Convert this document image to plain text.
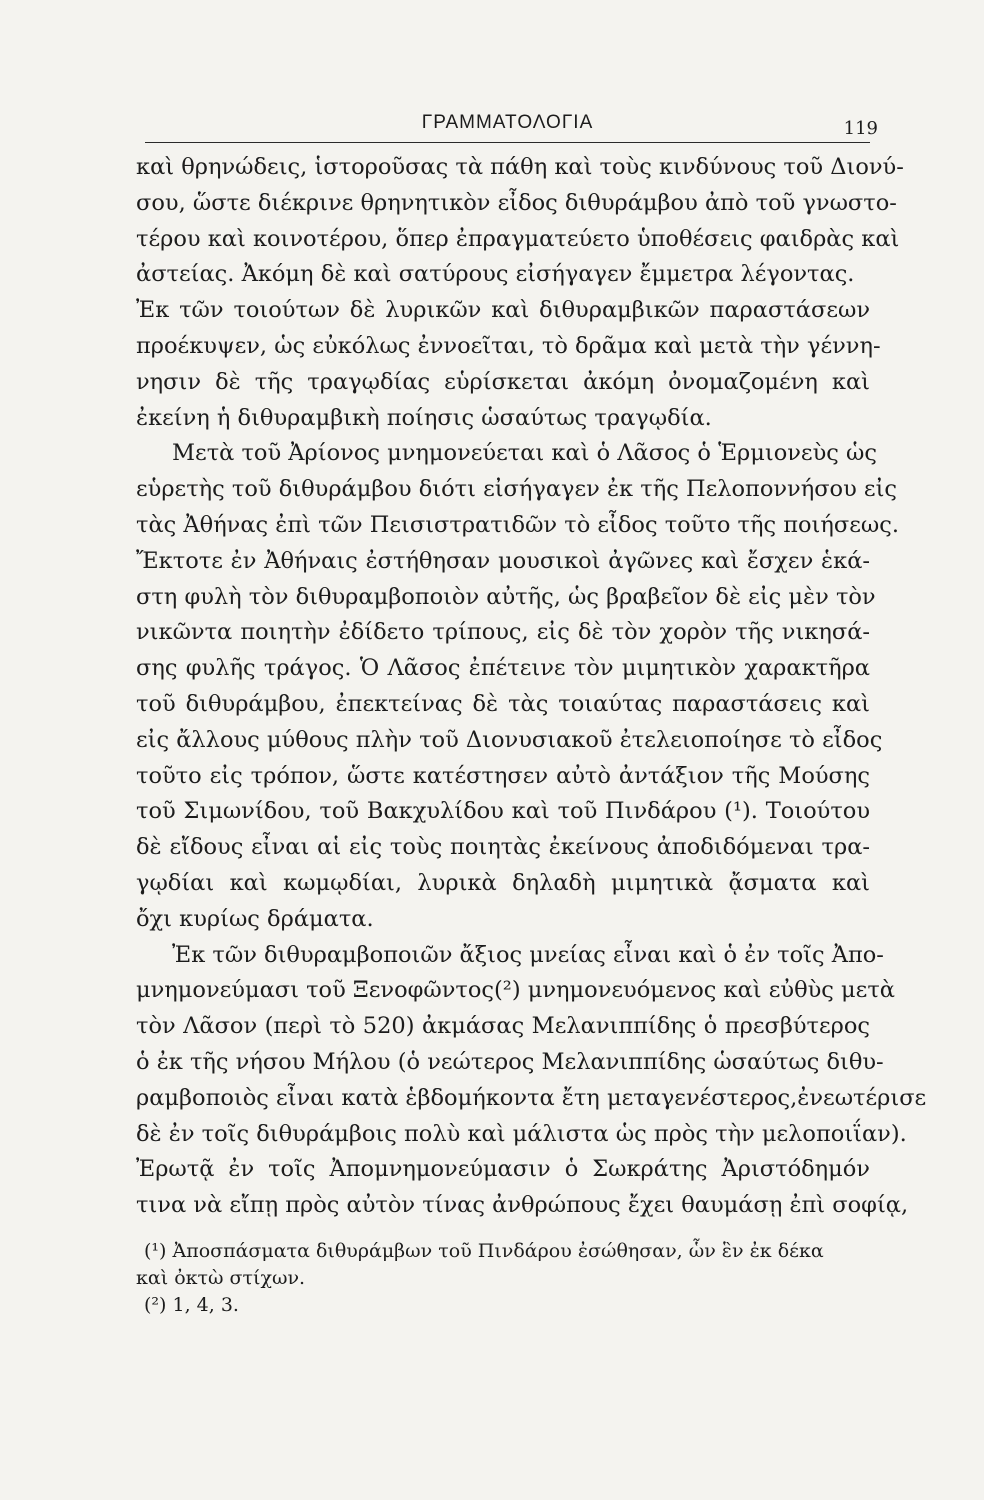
ΓΡΑΜΜΑΤΟΛΟΓΙΑ	119
καὶ θρηνώδεις, ἱστοροῦσας τὰ πάθη καὶ τοὺς κινδύνους τοῦ Διονύ-
σου, ὥστε διέκρινε θρηνητικὸν εἶδος διθυράμβου ἀπὸ τοῦ γνωστο-
τέρου καὶ κοινοτέρου, ὅπερ ἐπραγματεύετο ὑποθέσεις φαιδρὰς καὶ
ἀστείας. Ἀκόμη δὲ καὶ σατύρους εἰσήγαγεν ἔμμετρα λέγοντας.
Ἐκ τῶν τοιούτων δὲ λυρικῶν καὶ διθυραμβικῶν παραστάσεων
προέκυψεν, ὡς εὐκόλως ἐννοεῖται, τὸ δρᾶμα καὶ μετὰ τὴν γέννη-
νησιν δὲ τῆς τραγῳδίας εὑρίσκεται ἀκόμη ὀνομαζομένη καὶ
ἐκείνη ἡ διθυραμβικὴ ποίησις ὡσαύτως τραγῳδία.
Μετὰ τοῦ Ἀρίονος μνημονεύεται καὶ ὁ Λᾶσος ὁ Ἑρμιονεὺς ὡς
εὑρετὴς τοῦ διθυράμβου διότι εἰσήγαγεν ἐκ τῆς Πελοποννήσου εἰς
τὰς Ἀθήνας ἐπὶ τῶν Πεισιστρατιδῶν τὸ εἶδος τοῦτο τῆς ποιήσεως.
Ἔκτοτε ἐν Ἀθήναις ἐστήθησαν μουσικοὶ ἀγῶνες καὶ ἔσχεν ἑκά-
στη φυλὴ τὸν διθυραμβοποιὸν αὐτῆς, ὡς βραβεῖον δὲ εἰς μὲν τὸν
νικῶντα ποιητὴν ἐδίδετο τρίπους, εἰς δὲ τὸν χορὸν τῆς νικησά-
σης φυλῆς τράγος. Ὁ Λᾶσος ἐπέτεινε τὸν μιμητικὸν χαρακτῆρα
τοῦ διθυράμβου, ἐπεκτείνας δὲ τὰς τοιαύτας παραστάσεις καὶ
εἰς ἄλλους μύθους πλὴν τοῦ Διονυσιακοῦ ἐτελειοποίησε τὸ εἶδος
τοῦτο εἰς τρόπον, ὥστε κατέστησεν αὐτὸ ἀντάξιον τῆς Μούσης
τοῦ Σιμωνίδου, τοῦ Βακχυλίδου καὶ τοῦ Πινδάρου (¹). Τοιούτου
δὲ εἴδους εἶναι αἱ εἰς τοὺς ποιητὰς ἐκείνους ἀποδιδόμεναι τρα-
γῳδίαι καὶ κωμῳδίαι, λυρικὰ δηλαδὴ μιμητικὰ ᾄσματα καὶ
ὄχι κυρίως δράματα.
Ἐκ τῶν διθυραμβοποιῶν ἄξιος μνείας εἶναι καὶ ὁ ἐν τοῖς Ἀπο-
μνημονεύμασι τοῦ Ξενοφῶντος(²) μνημονευόμενος καὶ εὐθὺς μετὰ
τὸν Λᾶσον (περὶ τὸ 520) ἀκμάσας Μελανιππίδης ὁ πρεσβύτερος
ὁ ἐκ τῆς νήσου Μήλου (ὁ νεώτερος Μελανιππίδης ὡσαύτως διθυ-
ραμβοποιὸς εἶναι κατὰ ἑβδομήκοντα ἔτη μεταγενέστερος,ἐνεωτέρισε
δὲ ἐν τοῖς διθυράμβοις πολὺ καὶ μάλιστα ὡς πρὸς τὴν μελοποιΐαν).
Ἐρωτᾷ ἐν τοῖς Ἀπομνημονεύμασιν ὁ Σωκράτης Ἀριστόδημόν
τινα νὰ εἴπῃ πρὸς αὐτὸν τίνας ἀνθρώπους ἔχει θαυμάσῃ ἐπὶ σοφίᾳ,
(¹) Ἀποσπάσματα διθυράμβων τοῦ Πινδάρου ἐσώθησαν, ὧν ἓν ἐκ δέκα
καὶ ὀκτὼ στίχων.
(²) 1, 4, 3.
